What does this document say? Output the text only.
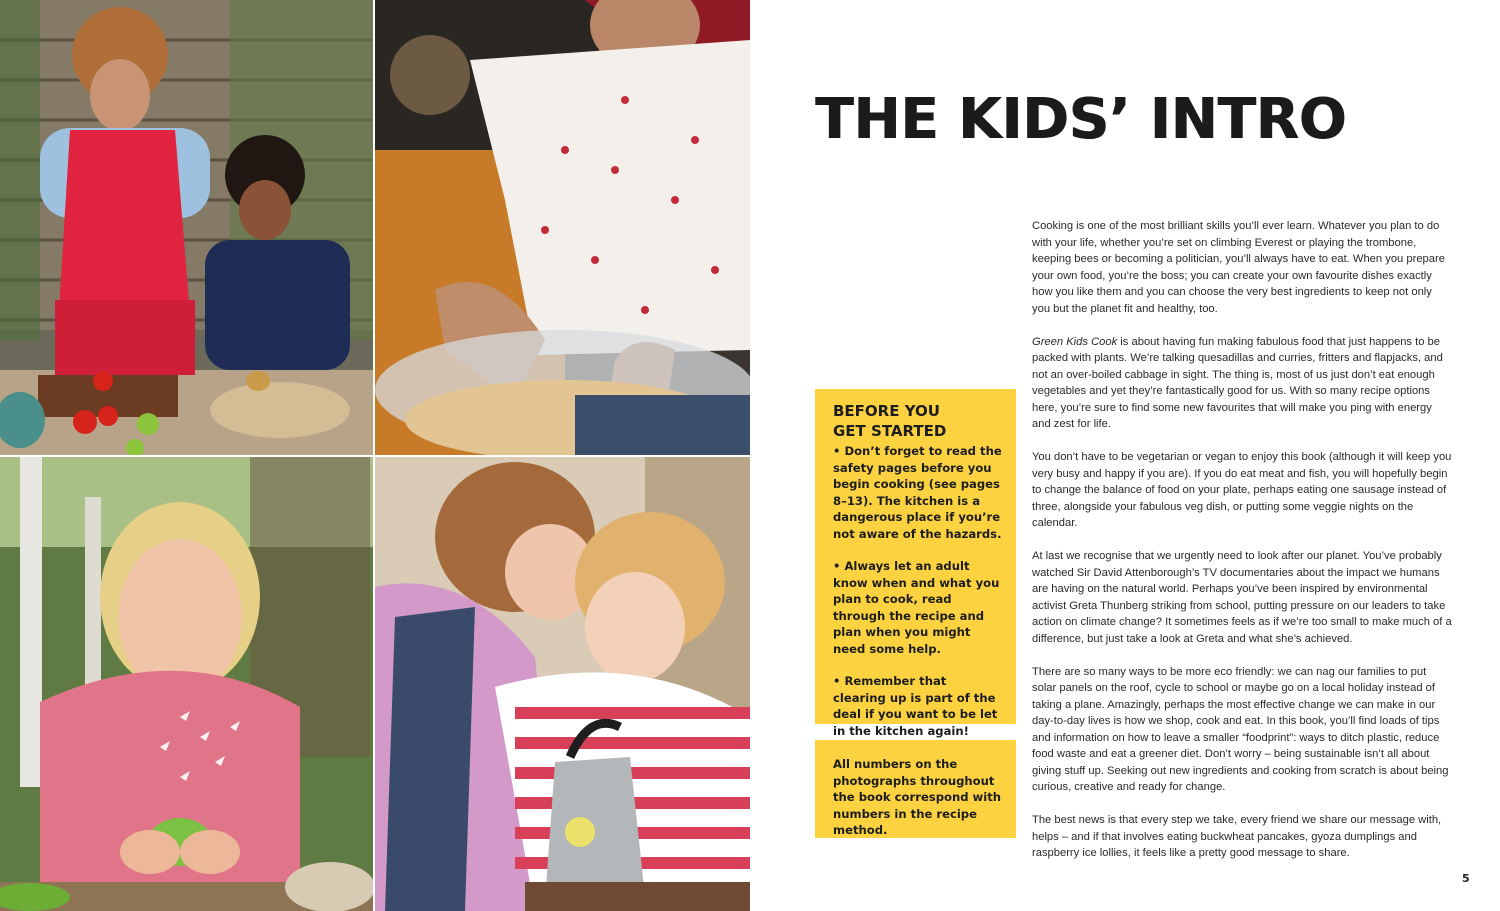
THE KIDS’ INTRO
BEFORE YOU
GET STARTED

• Don’t forget to read the safety pages before you begin cooking (see pages 8–13). The kitchen is a dangerous place if you’re not aware of the hazards.

• Always let an adult know when and what you plan to cook, read through the recipe and plan when you might need some help.

• Remember that clearing up is part of the deal if you want to be let in the kitchen again!

All numbers on the photographs throughout the book correspond with numbers in the recipe method.

Cooking is one of the most brilliant skills you’ll ever learn. Whatever you plan to do with your life, whether you’re set on climbing Everest or playing the trombone, keeping bees or becoming a politician, you’ll always have to eat. When you prepare your own food, you’re the boss; you can create your own favourite dishes exactly how you like them and you can choose the very best ingredients to keep not only you but the planet fit and healthy, too.

Green Kids Cook is about having fun making fabulous food that just happens to be packed with plants. We’re talking quesadillas and curries, fritters and flapjacks, and not an over-boiled cabbage in sight. The thing is, most of us just don’t eat enough vegetables and yet they’re fantastically good for us. With so many recipe options here, you’re sure to find some new favourites that will make you ping with energy and zest for life.

You don’t have to be vegetarian or vegan to enjoy this book (although it will keep you very busy and happy if you are). If you do eat meat and fish, you will hopefully begin to change the balance of food on your plate, perhaps eating one sausage instead of three, alongside your fabulous veg dish, or putting some veggie nights on the calendar.

At last we recognise that we urgently need to look after our planet. You’ve probably watched Sir David Attenborough’s TV documentaries about the impact we humans are having on the natural world. Perhaps you’ve been inspired by environmental activist Greta Thunberg striking from school, putting pressure on our leaders to take action on climate change? It sometimes feels as if we’re too small to make much of a difference, but just take a look at Greta and what she’s achieved.

There are so many ways to be more eco friendly: we can nag our families to put solar panels on the roof, cycle to school or maybe go on a local holiday instead of taking a plane. Amazingly, perhaps the most effective change we can make in our day-to-day lives is how we shop, cook and eat. In this book, you’ll find loads of tips and information on how to leave a smaller “foodprint”: ways to ditch plastic, reduce food waste and eat a greener diet. Don’t worry – being sustainable isn’t all about giving stuff up. Seeking out new ingredients and cooking from scratch is about being curious, creative and ready for change.

The best news is that every step we take, every friend we share our message with, helps – and if that involves eating buckwheat pancakes, gyoza dumplings and raspberry ice lollies, it feels like a pretty good message to share.

5
